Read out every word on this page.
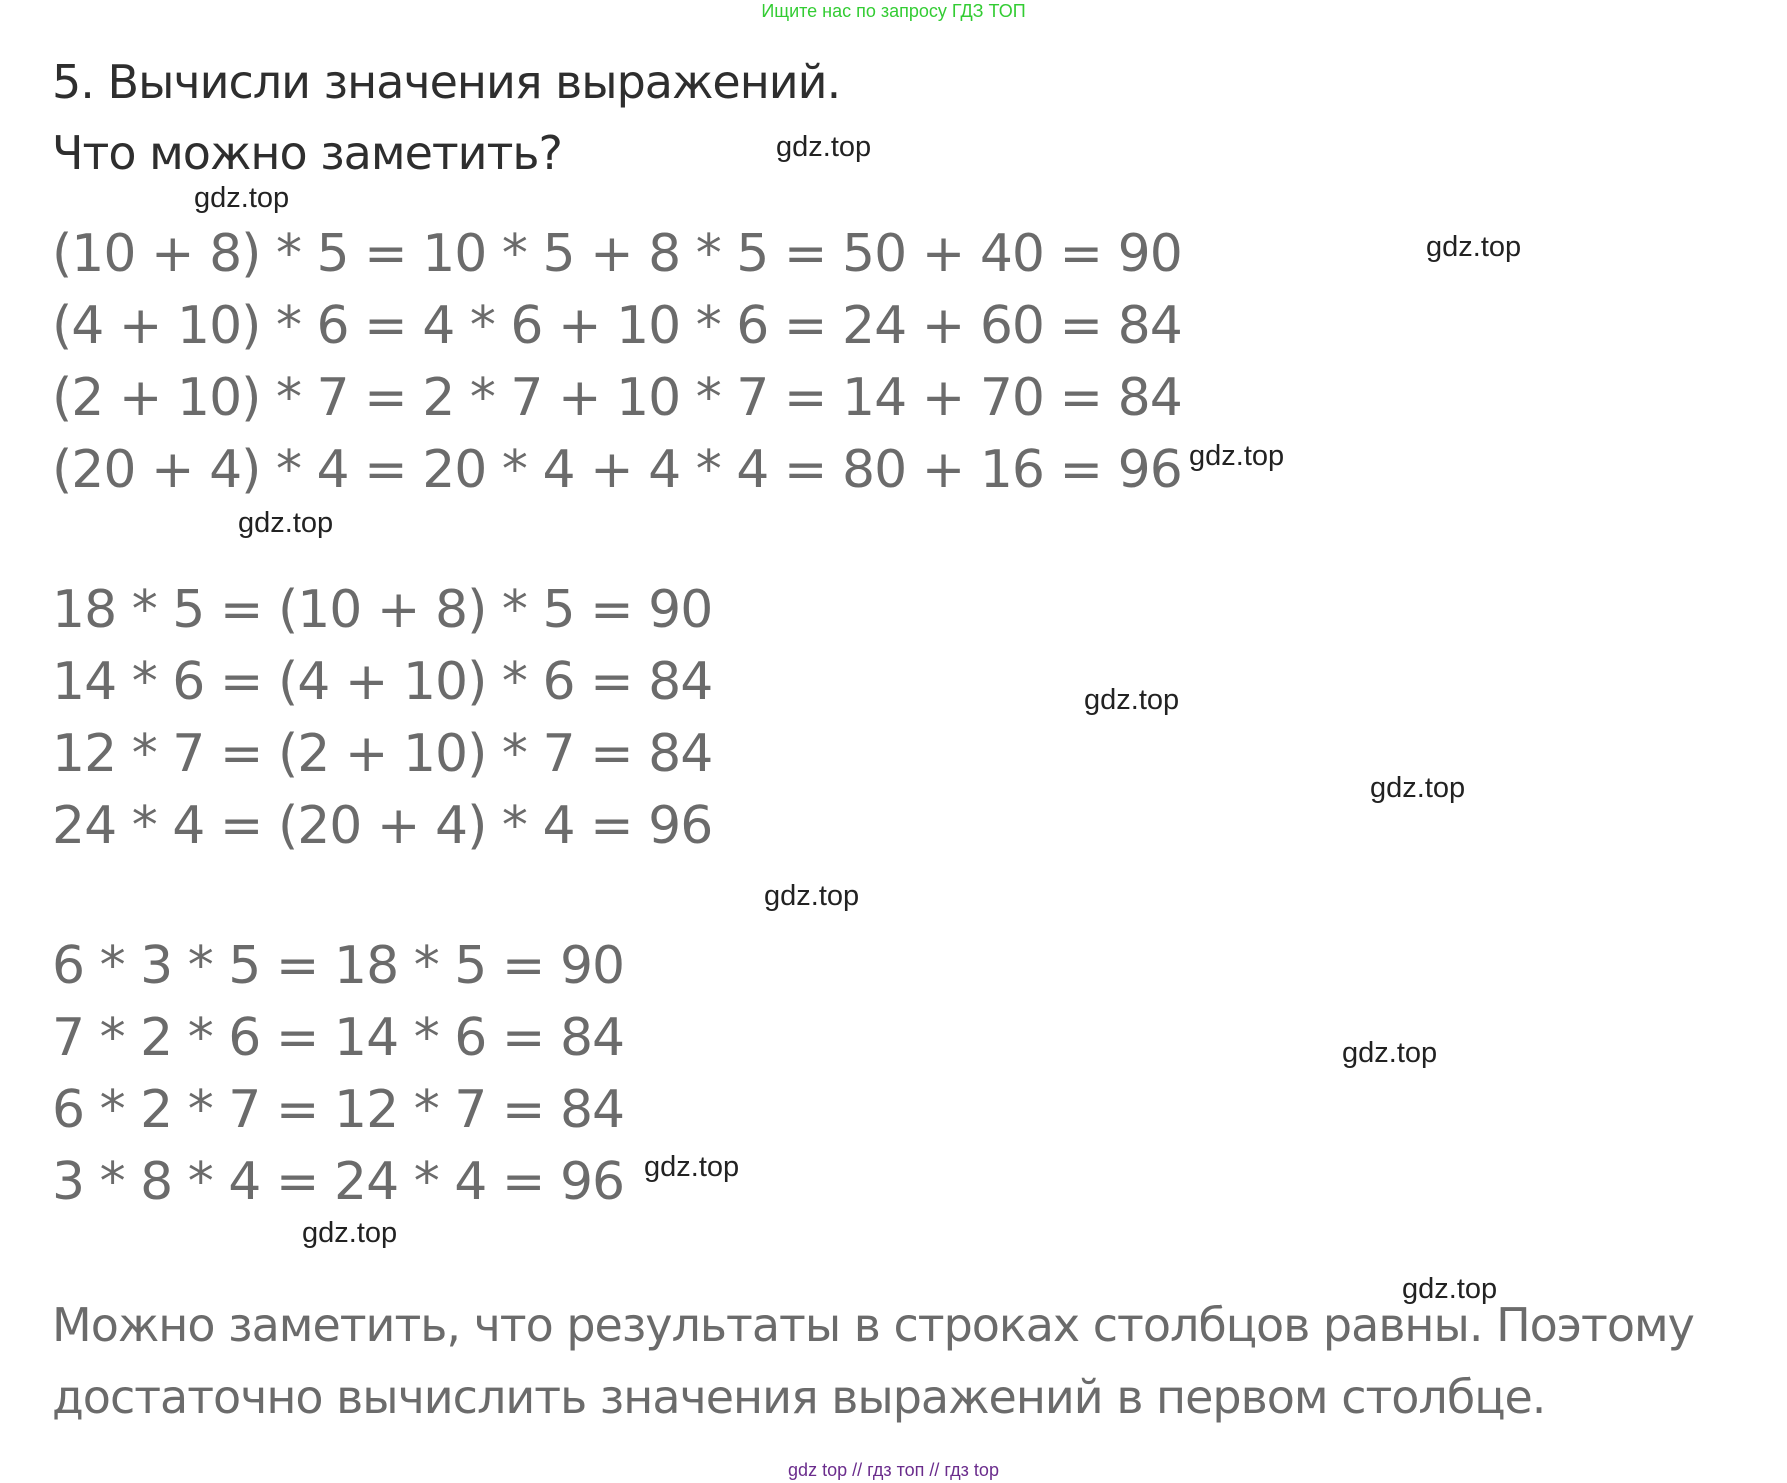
Ищите нас по запросу ГДЗ ТОП
5. Вычисли значения выражений.
Что можно заметить?
(10 + 8) * 5 = 10 * 5 + 8 * 5 = 50 + 40 = 90
(4 + 10) * 6 = 4 * 6 + 10 * 6 = 24 + 60 = 84
(2 + 10) * 7 = 2 * 7 + 10 * 7 = 14 + 70 = 84
(20 + 4) * 4 = 20 * 4 + 4 * 4 = 80 + 16 = 96
18 * 5 = (10 + 8) * 5 = 90
14 * 6 = (4 + 10) * 6 = 84
12 * 7 = (2 + 10) * 7 = 84
24 * 4 = (20 + 4) * 4 = 96
6 * 3 * 5 = 18 * 5 = 90
7 * 2 * 6 = 14 * 6 = 84
6 * 2 * 7 = 12 * 7 = 84
3 * 8 * 4 = 24 * 4 = 96
Можно заметить, что результаты в строках столбцов равны. Поэтому
достаточно вычислить значения выражений в первом столбце.
gdz.top
gdz.top
gdz.top
gdz.top
gdz.top
gdz.top
gdz.top
gdz.top
gdz.top
gdz.top
gdz.top
gdz.top
gdz top // гдз топ // гдз top
